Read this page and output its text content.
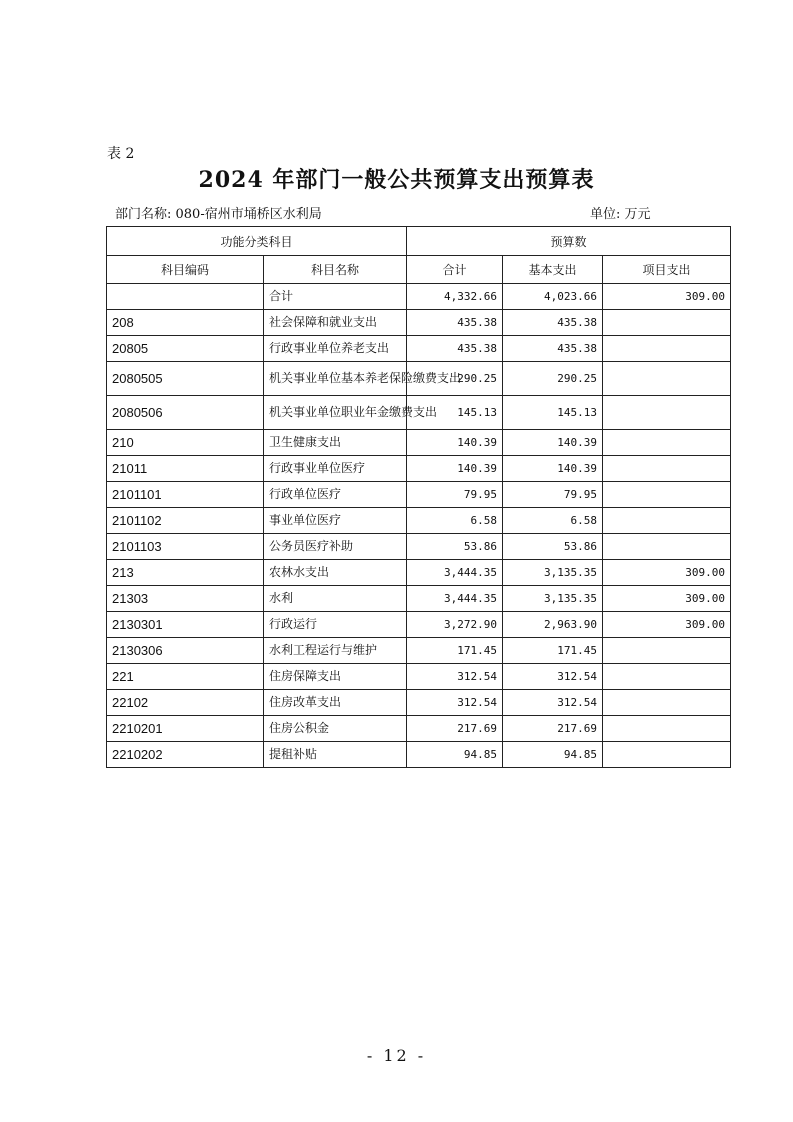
表 2
2024 年部门一般公共预算支出预算表
部门名称: 080-宿州市埇桥区水利局	单位: 万元
功能分类科目		预算数		
科目编码	科目名称	合计	基本支出	项目支出
	合计	4,332.66	4,023.66	309.00
208	社会保障和就业支出	435.38	435.38	
20805	行政事业单位养老支出	435.38	435.38	
2080505	机关事业单位基本养老保险缴费支出	290.25	290.25	
2080506	机关事业单位职业年金缴费支出	145.13	145.13	
210	卫生健康支出	140.39	140.39	
21011	行政事业单位医疗	140.39	140.39	
2101101	行政单位医疗	79.95	79.95	
2101102	事业单位医疗	6.58	6.58	
2101103	公务员医疗补助	53.86	53.86	
213	农林水支出	3,444.35	3,135.35	309.00
21303	水利	3,444.35	3,135.35	309.00
2130301	行政运行	3,272.90	2,963.90	309.00
2130306	水利工程运行与维护	171.45	171.45	
221	住房保障支出	312.54	312.54	
22102	住房改革支出	312.54	312.54	
2210201	住房公积金	217.69	217.69	
2210202	提租补贴	94.85	94.85	
- 12 -
